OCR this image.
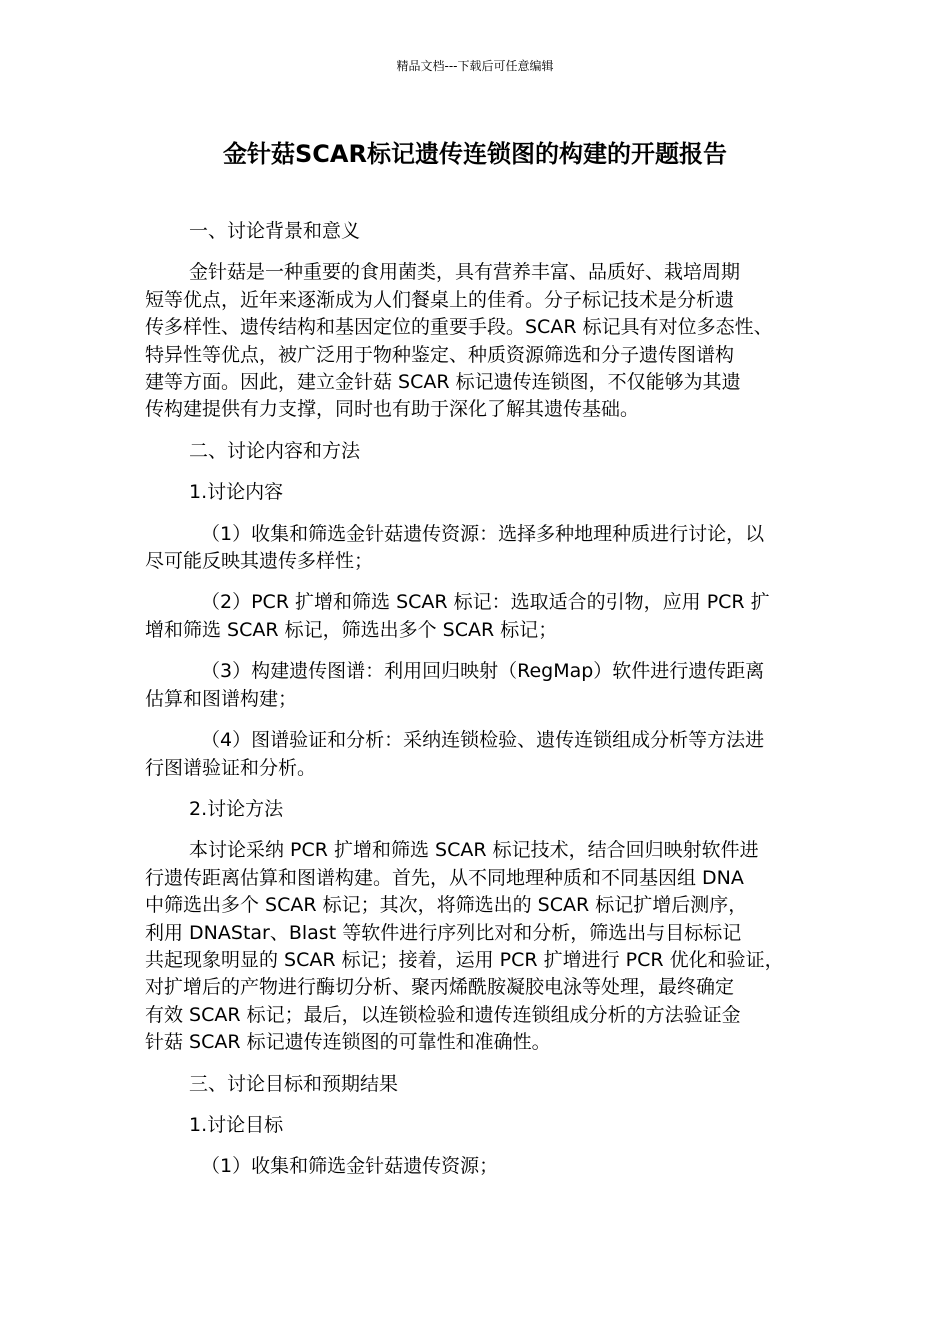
精品文档---下载后可任意编辑
金针菇SCAR标记遗传连锁图的构建的开题报告

一、讨论背景和意义

金针菇是一种重要的食用菌类，具有营养丰富、品质好、栽培周期
短等优点，近年来逐渐成为人们餐桌上的佳肴。分子标记技术是分析遗
传多样性、遗传结构和基因定位的重要手段。SCAR 标记具有对位多态性、
特异性等优点，被广泛用于物种鉴定、种质资源筛选和分子遗传图谱构
建等方面。因此，建立金针菇 SCAR 标记遗传连锁图，不仅能够为其遗
传构建提供有力支撑，同时也有助于深化了解其遗传基础。

二、讨论内容和方法

1.讨论内容

（1）收集和筛选金针菇遗传资源：选择多种地理种质进行讨论，以
尽可能反映其遗传多样性；

（2）PCR 扩增和筛选 SCAR 标记：选取适合的引物，应用 PCR 扩
增和筛选 SCAR 标记，筛选出多个 SCAR 标记；

（3）构建遗传图谱：利用回归映射（RegMap）软件进行遗传距离
估算和图谱构建；

（4）图谱验证和分析：采纳连锁检验、遗传连锁组成分析等方法进
行图谱验证和分析。

2.讨论方法

本讨论采纳 PCR 扩增和筛选 SCAR 标记技术，结合回归映射软件进
行遗传距离估算和图谱构建。首先，从不同地理种质和不同基因组 DNA
中筛选出多个 SCAR 标记；其次，将筛选出的 SCAR 标记扩增后测序，
利用 DNAStar、Blast 等软件进行序列比对和分析，筛选出与目标标记
共起现象明显的 SCAR 标记；接着，运用 PCR 扩增进行 PCR 优化和验证，
对扩增后的产物进行酶切分析、聚丙烯酰胺凝胶电泳等处理，最终确定
有效 SCAR 标记；最后，以连锁检验和遗传连锁组成分析的方法验证金
针菇 SCAR 标记遗传连锁图的可靠性和准确性。

三、讨论目标和预期结果

1.讨论目标

（1）收集和筛选金针菇遗传资源；
